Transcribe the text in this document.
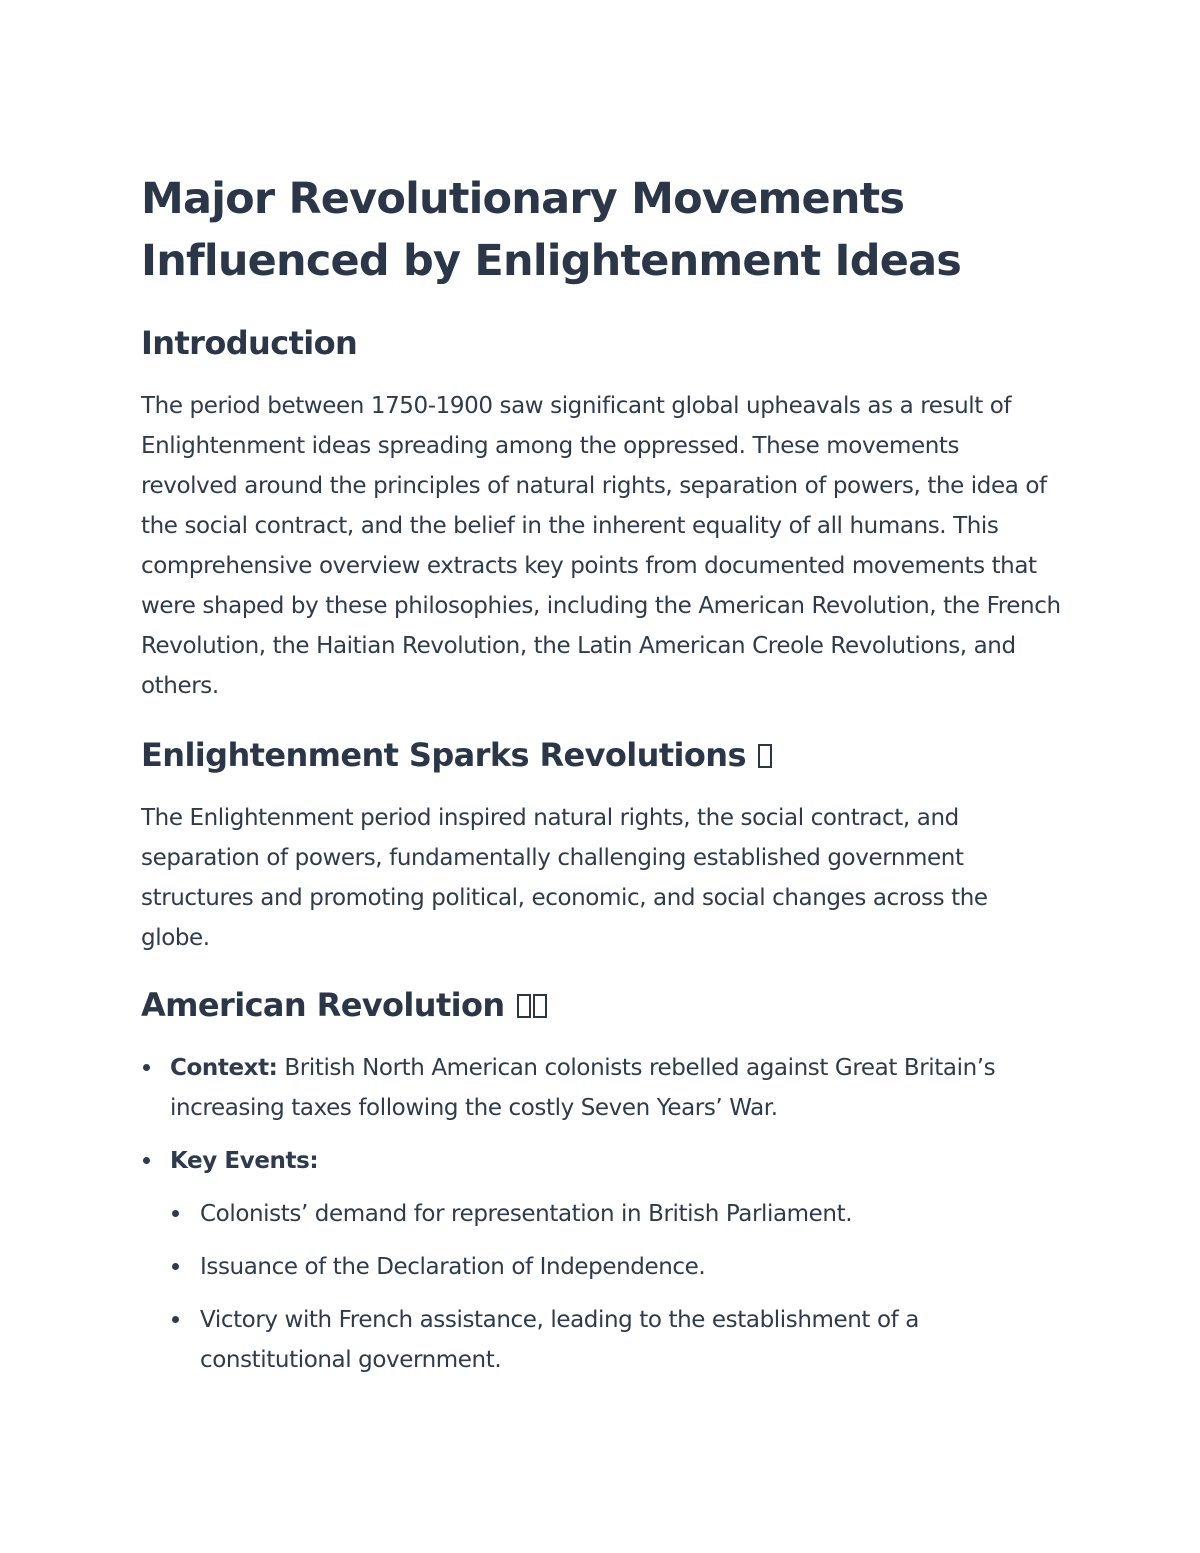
Major Revolutionary Movements
Influenced by Enlightenment Ideas
Introduction

The period between 1750-1900 saw significant global upheavals as a result of Enlightenment ideas spreading among the oppressed. These movements revolved around the principles of natural rights, separation of powers, the idea of the social contract, and the belief in the inherent equality of all humans. This comprehensive overview extracts key points from documented movements that were shaped by these philosophies, including the American Revolution, the French Revolution, the Haitian Revolution, the Latin American Creole Revolutions, and others.

Enlightenment Sparks Revolutions

The Enlightenment period inspired natural rights, the social contract, and separation of powers, fundamentally challenging established government structures and promoting political, economic, and social changes across the globe.

American Revolution
Context: British North American colonists rebelled against Great Britain’s increasing taxes following the costly Seven Years’ War.
Key Events:
Colonists’ demand for representation in British Parliament.
Issuance of the Declaration of Independence.
Victory with French assistance, leading to the establishment of a constitutional government.
